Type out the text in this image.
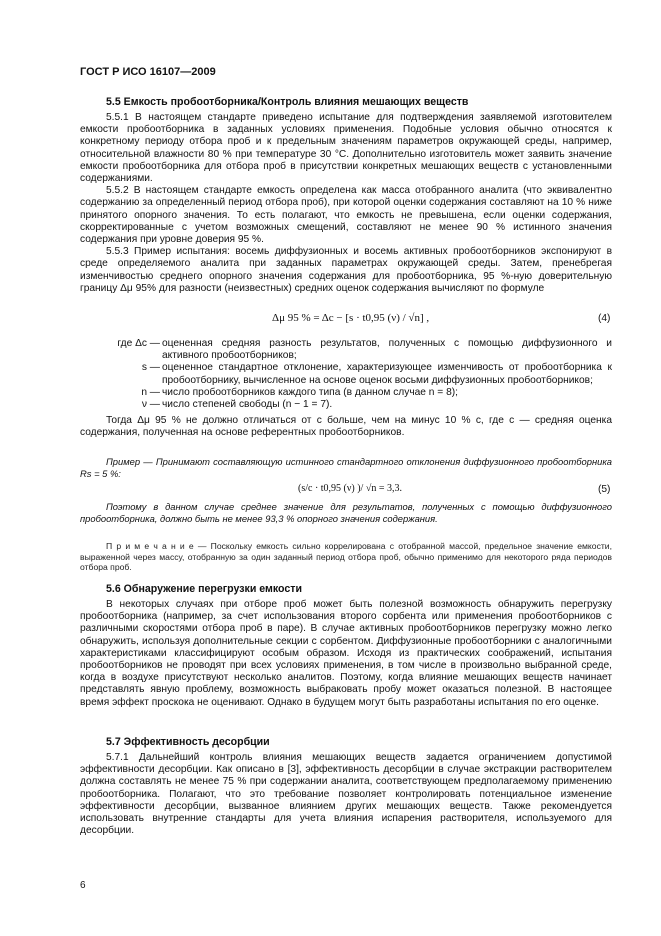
ГОСТ Р ИСО 16107—2009
5.5 Емкость пробоотборника/Контроль влияния мешающих веществ

5.5.1 В настоящем стандарте приведено испытание для подтверждения заявляемой изготовителем емкости пробоотборника в заданных условиях применения. Подобные условия обычно относятся к конкретному периоду отбора проб и к предельным значениям параметров окружающей среды, например, относительной влажности 80 % при температуре 30 °С. Дополнительно изготовитель может заявить значение емкости пробоотборника для отбора проб в присутствии конкретных мешающих веществ с установленными содержаниями.

5.5.2 В настоящем стандарте емкость определена как масса отобранного аналита (что эквивалентно содержанию за определенный период отбора проб), при которой оценки содержания составляют на 10 % ниже принятого опорного значения. То есть полагают, что емкость не превышена, если оценки содержания, скорректированные с учетом возможных смещений, составляют не менее 90 % истинного значения содержания при уровне доверия 95 %.

5.5.3 Пример испытания: восемь диффузионных и восемь активных пробоотборников экспонируют в среде определяемого аналита при заданных параметрах окружающей среды. Затем, пренебрегая изменчивостью среднего опорного значения содержания для пробоотборника, 95 %-ную доверительную границу Δμ 95% для разности (неизвестных) средних оценок содержания вычисляют по формуле

Δμ 95 % = Δc − [s · t0,95 (ν) / √n] ,	(4)
где Δc — оцененная средняя разность результатов, полученных с помощью диффузионного и активного пробоотборников;
s — оцененное стандартное отклонение, характеризующее изменчивость от пробоотборника к пробоотборнику, вычисленное на основе оценок восьми диффузионных пробоотборников;
n — число пробоотборников каждого типа (в данном случае n = 8);
ν — число степеней свободы (n − 1 = 7).

Тогда Δμ 95 % не должно отличаться от c больше, чем на минус 10 % c, где c — средняя оценка содержания, полученная на основе референтных пробоотборников.

Пример — Принимают составляющую истинного стандартного отклонения диффузионного пробоотборника Rs = 5 %:

(s/c · t0,95 (ν) )/ √n = 3,3.	(5)

Поэтому в данном случае среднее значение для результатов, полученных с помощью диффузионного пробоотборника, должно быть не менее 93,3 % опорного значения содержания.

П р и м е ч а н и е — Поскольку емкость сильно коррелирована с отобранной массой, предельное значение емкости, выраженной через массу, отобранную за один заданный период отбора проб, обычно применимо для некоторого ряда периодов отбора проб.

5.6 Обнаружение перегрузки емкости

В некоторых случаях при отборе проб может быть полезной возможность обнаружить перегрузку пробоотборника (например, за счет использования второго сорбента или применения пробоотборников с различными скоростями отбора проб в паре). В случае активных пробоотборников перегрузку можно легко обнаружить, используя дополнительные секции с сорбентом. Диффузионные пробоотборники с аналогичными характеристиками классифицируют особым образом. Исходя из практических соображений, испытания пробоотборников не проводят при всех условиях применения, в том числе в произвольно выбранной среде, когда в воздухе присутствуют несколько аналитов. Поэтому, когда влияние мешающих веществ начинает представлять явную проблему, возможность выбраковать пробу может оказаться полезной. В настоящее время эффект проскока не оценивают. Однако в будущем могут быть разработаны испытания по его оценке.

5.7 Эффективность десорбции

5.7.1 Дальнейший контроль влияния мешающих веществ задается ограничением допустимой эффективности десорбции. Как описано в [3], эффективность десорбции в случае экстракции растворителем должна составлять не менее 75 % при содержании аналита, соответствующем предполагаемому применению пробоотборника. Полагают, что это требование позволяет контролировать потенциальное изменение эффективности десорбции, вызванное влиянием других мешающих веществ. Также рекомендуется использовать внутренние стандарты для учета влияния испарения растворителя, используемого для десорбции.

6
